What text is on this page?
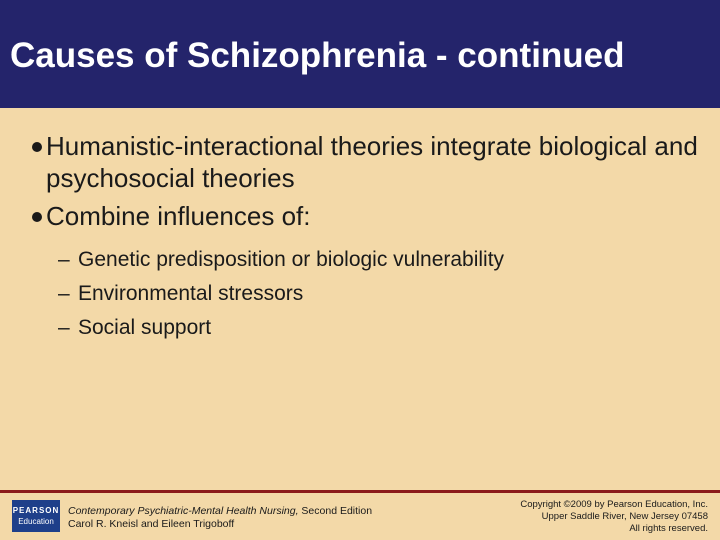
Causes of Schizophrenia - continued
Humanistic-interactional theories integrate biological and psychosocial theories
Combine influences of:
– Genetic predisposition or biologic vulnerability
– Environmental stressors
– Social support
PEARSON
Education
Contemporary Psychiatric-Mental Health Nursing, Second Edition
Carol R. Kneisl and Eileen Trigoboff
Copyright ©2009 by Pearson Education, Inc.
Upper Saddle River, New Jersey 07458
All rights reserved.
